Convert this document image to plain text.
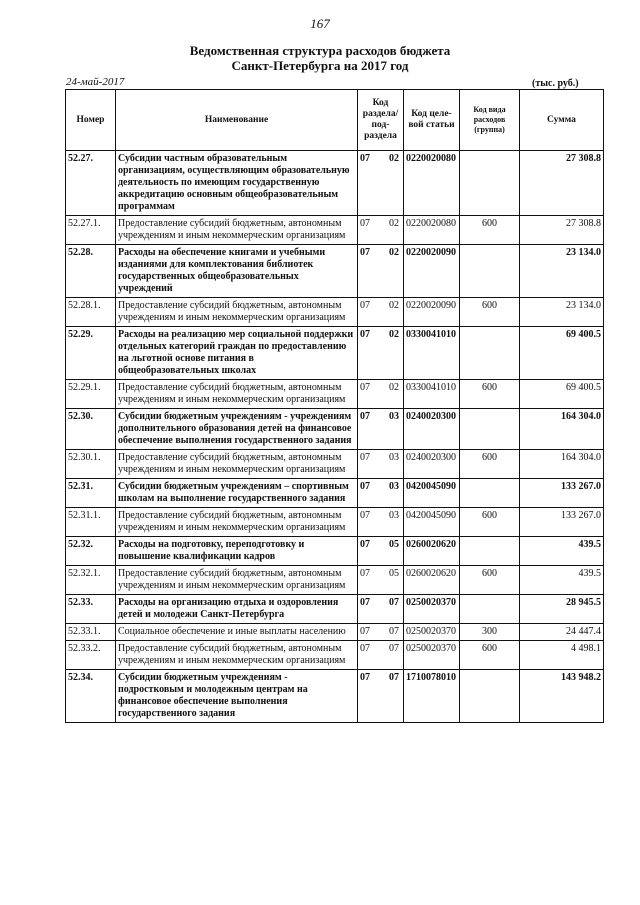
167
Ведомственная структура расходов бюджета
Санкт-Петербурга на 2017 год
24-май-2017	(тыс. руб.)
Номер	Наименование	Код раздела/ под-раздела	Код целе-вой статьи	Код вида расходов (группа)	Сумма
52.27.	Субсидии частным образовательным организациям, осуществляющим образовательную деятельность по имеющим государственную аккредитацию основным общеобразовательным программам	07 02	0220020080		27 308.8
52.27.1.	Предоставление субсидий бюджетным, автономным учреждениям и иным некоммерческим организациям	07 02	0220020080	600	27 308.8
52.28.	Расходы на обеспечение книгами и учебными изданиями для комплектования библиотек государственных общеобразовательных учреждений	07 02	0220020090		23 134.0
52.28.1.	Предоставление субсидий бюджетным, автономным учреждениям и иным некоммерческим организациям	07 02	0220020090	600	23 134.0
52.29.	Расходы на реализацию мер социальной поддержки отдельных категорий граждан по предоставлению на льготной основе питания в общеобразовательных школах	07 02	0330041010		69 400.5
52.29.1.	Предоставление субсидий бюджетным, автономным учреждениям и иным некоммерческим организациям	07 02	0330041010	600	69 400.5
52.30.	Субсидии бюджетным учреждениям - учреждениям дополнительного образования детей на финансовое обеспечение выполнения государственного задания	07 03	0240020300		164 304.0
52.30.1.	Предоставление субсидий бюджетным, автономным учреждениям и иным некоммерческим организациям	07 03	0240020300	600	164 304.0
52.31.	Субсидии бюджетным учреждениям – спортивным школам на выполнение государственного задания	07 03	0420045090		133 267.0
52.31.1.	Предоставление субсидий бюджетным, автономным учреждениям и иным некоммерческим организациям	07 03	0420045090	600	133 267.0
52.32.	Расходы на подготовку, переподготовку и повышение квалификации кадров	07 05	0260020620		439.5
52.32.1.	Предоставление субсидий бюджетным, автономным учреждениям и иным некоммерческим организациям	07 05	0260020620	600	439.5
52.33.	Расходы на организацию отдыха и оздоровления детей и молодежи Санкт-Петербурга	07 07	0250020370		28 945.5
52.33.1.	Социальное обеспечение и иные выплаты населению	07 07	0250020370	300	24 447.4
52.33.2.	Предоставление субсидий бюджетным, автономным учреждениям и иным некоммерческим организациям	07 07	0250020370	600	4 498.1
52.34.	Субсидии бюджетным учреждениям - подростковым и молодежным центрам на финансовое обеспечение выполнения государственного задания	07 07	1710078010		143 948.2
